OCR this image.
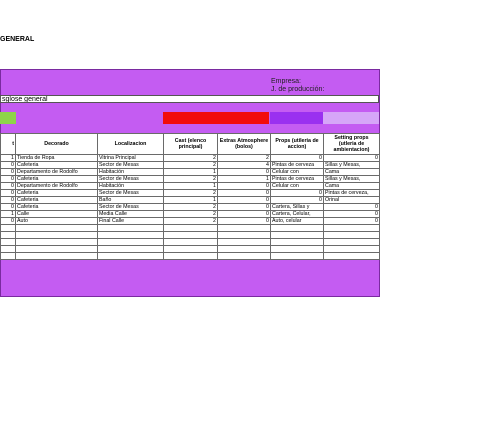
GENERAL
Empresa:
J. de producción:
sglose general
t	Decorado	Localizacion	Cast (elenco principal)	Extras Atmosphere (bolos)	Props (utileria de accion)	Setting props (utleria de ambientacion)
1	Tienda de Ropa	Vitrina Principal	2	2	0	0
0	Cafeteria	Sector de Mesas	2	4	Pintas de cerveza	Sillas y Mesas,
0	Departamento de Rodolfo	Habitación	1	0	Celular con	Cama
0	Cafeteria	Sector de Mesas	2	1	Pintas de cerveza	Sillas y Mesas,
0	Departamento de Rodolfo	Habitación	1	0	Celular con	Cama
0	Cafeteria	Sector de Mesas	2	0	0	Pintas de cerveza,
0	Cafeteria	Baño	1	0	0	Orinal
0	Cafeteria	Sector de Mesas	2	0	Cartera, Sillas y	0
1	Calle	Media Calle	2	0	Cartera, Celular,	0
0	Auto	Final Calle	2	0	Auto, celular	0
